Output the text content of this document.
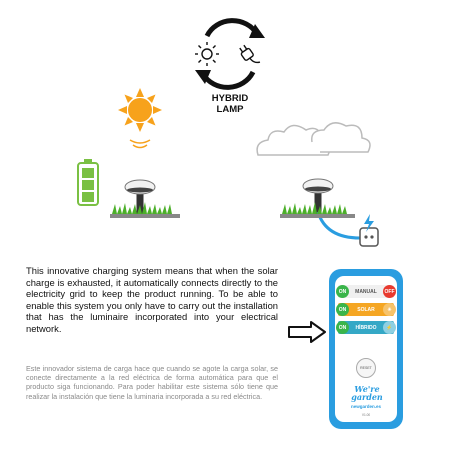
HYBRID
LAMP
This innovative charging system means that when the solar charge is exhausted, it automatically connects directly to the electricity grid to keep the product running. To be able to enable this system you only have to carry out the installation that has the luminaire incorporated into your electrical network.
Este innovador sistema de carga hace que cuando se agote la carga solar, se conecte directamente a la red eléctrica de forma automática para que el producto siga funcionando. Para poder habilitar este sistema sólo tiene que realizar la instalación que tiene la luminaria incorporada a su red eléctrica.
MANUAL
ON	OFF
SOLAR
ON	☀
HÍBRIDO
ON	⚡
RESET
We're
garden
newgarden.es
V1.00
